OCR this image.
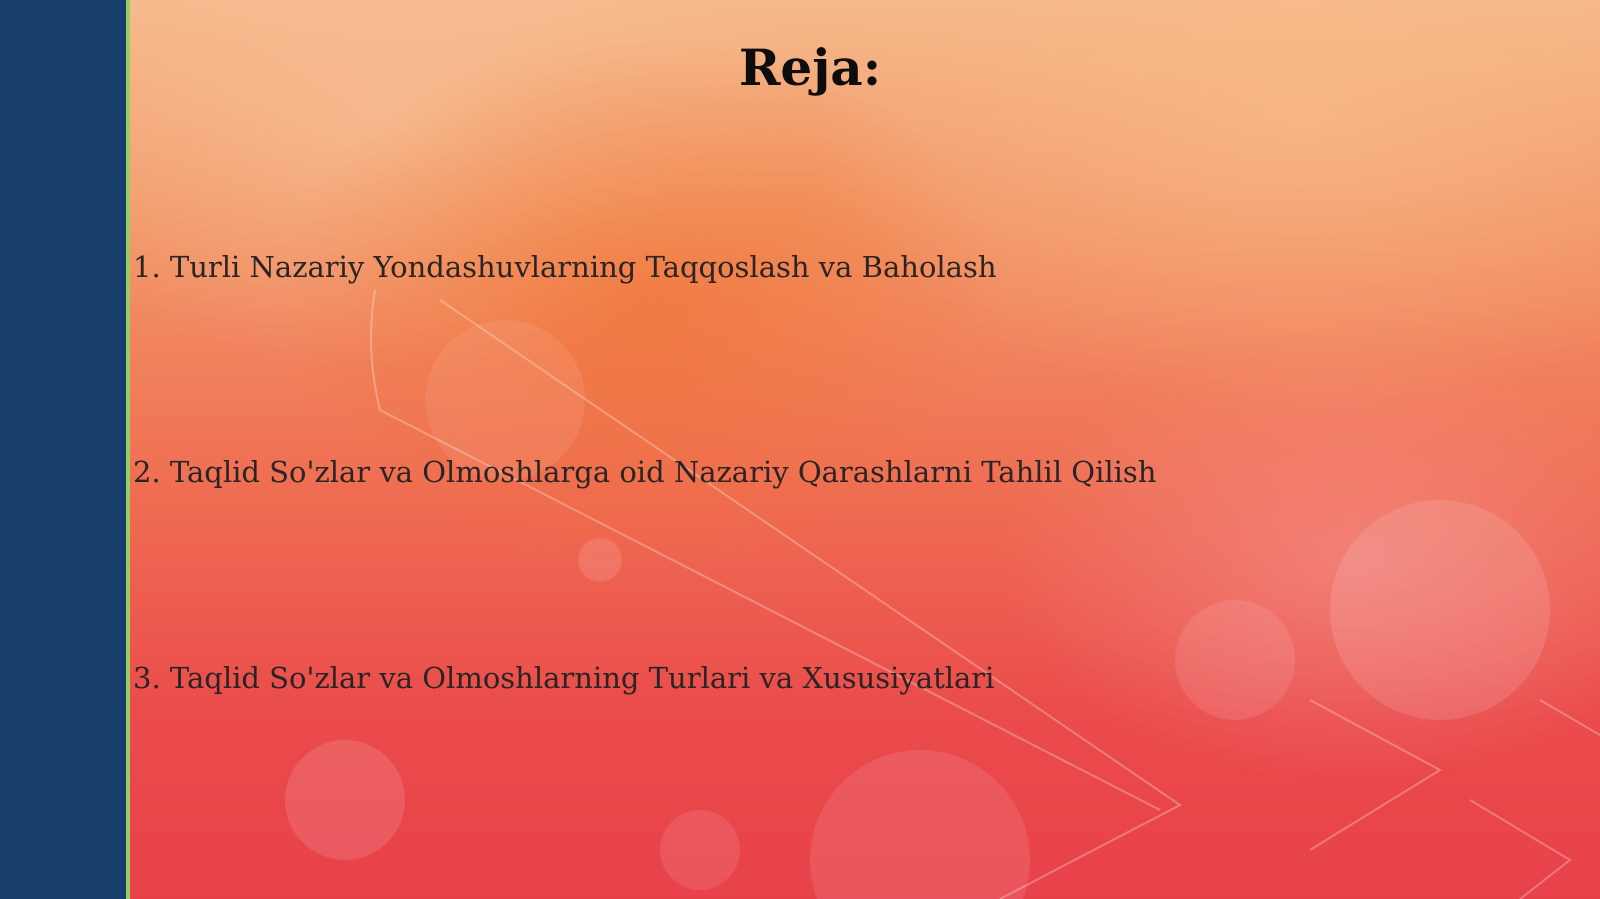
Reja:

1. Turli Nazariy Yondashuvlarning Taqqoslash va Baholash

2. Taqlid So'zlar va Olmoshlarga oid Nazariy Qarashlarni Tahlil Qilish

3. Taqlid So'zlar va Olmoshlarning Turlari va Xususiyatlari
